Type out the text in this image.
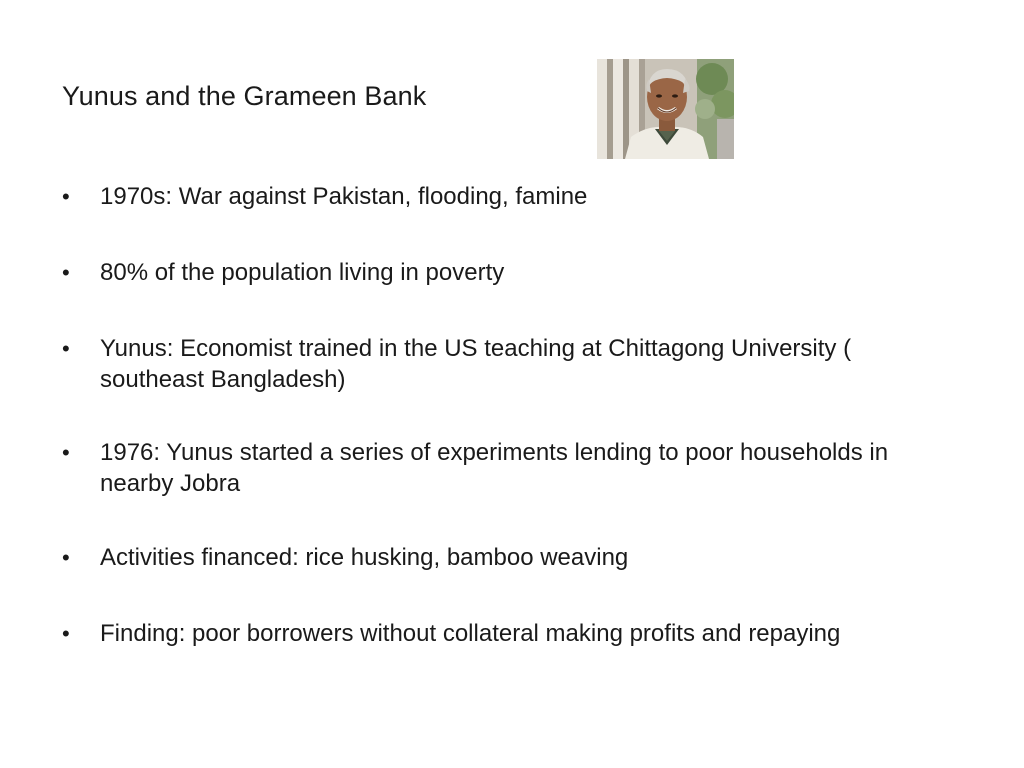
Yunus and the Grameen Bank
•	1970s: War against Pakistan, flooding, famine
•	80% of the population living in poverty
•	Yunus: Economist trained in the US teaching at Chittagong University ( southeast Bangladesh)
•	1976: Yunus started a series of experiments lending to poor households in nearby Jobra
•	Activities financed: rice husking, bamboo weaving
•	Finding: poor borrowers without collateral making profits and repaying
